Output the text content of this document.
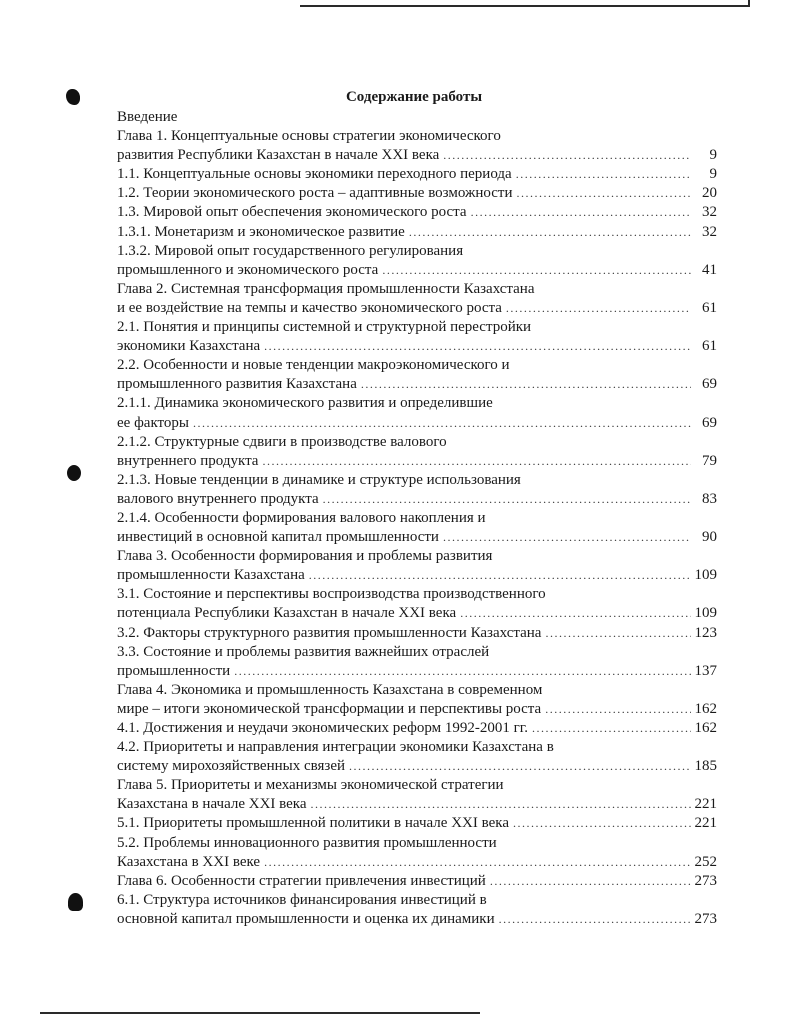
Содержание работы
Введение
Глава 1. Концептуальные основы стратегии экономического
развития Республики Казахстан в начале XXI века .....	9
1.1. Концептуальные основы экономики переходного периода .....	9
1.2. Теории экономического роста – адаптивные возможности .....	20
1.3. Мировой опыт обеспечения экономического роста .....	32
1.3.1. Монетаризм и экономическое развитие .....	32
1.3.2. Мировой опыт государственного регулирования
промышленного и экономического роста .....	41
Глава 2. Системная трансформация промышленности Казахстана
и ее воздействие на темпы и качество экономического роста .....	61
2.1. Понятия и принципы системной и структурной перестройки
экономики Казахстана .....	61
2.2. Особенности и новые тенденции макроэкономического и
промышленного развития Казахстана .....	69
2.1.1. Динамика экономического развития и определившие
ее факторы .....	69
2.1.2. Структурные сдвиги в производстве валового
внутреннего продукта .....	79
2.1.3. Новые тенденции в динамике и структуре использования
валового внутреннего продукта .....	83
2.1.4. Особенности формирования валового накопления и
инвестиций в основной капитал промышленности .....	90
Глава 3. Особенности формирования и проблемы развития
промышленности Казахстана .....	109
3.1. Состояние и перспективы воспроизводства производственного
потенциала Республики Казахстан в начале XXI века .....	109
3.2. Факторы структурного развития промышленности Казахстана .....	123
3.3. Состояние и проблемы развития важнейших отраслей
промышленности .....	137
Глава 4. Экономика и промышленность Казахстана в современном
мире – итоги экономической трансформации и перспективы роста .....	162
4.1. Достижения и неудачи экономических реформ 1992-2001 гг. .....	162
4.2. Приоритеты и направления интеграции экономики Казахстана в
систему мирохозяйственных связей .....	185
Глава 5. Приоритеты и механизмы экономической стратегии
Казахстана в начале XXI века .....	221
5.1. Приоритеты промышленной политики в начале XXI века .....	221
5.2. Проблемы инновационного развития промышленности
Казахстана в XXI веке .....	252
Глава 6. Особенности стратегии привлечения инвестиций .....	273
6.1. Структура источников финансирования инвестиций в
основной капитал промышленности и оценка их динамики .....	273
